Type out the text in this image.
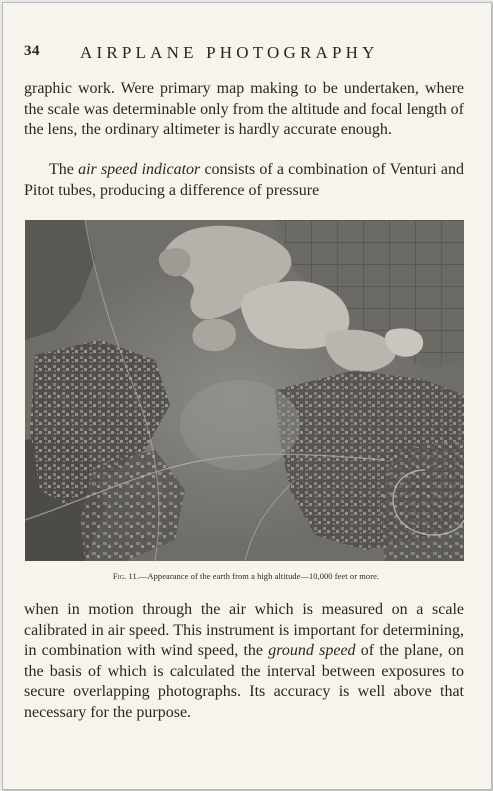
34 AIRPLANE PHOTOGRAPHY

graphic work. Were primary map making to be undertaken, where the scale was determinable only from the altitude and focal length of the lens, the ordinary altimeter is hardly accurate enough.

The air speed indicator consists of a combination of Venturi and Pitot tubes, producing a difference of pressure

Fig. 11.—Appearance of the earth from a high altitude—10,000 feet or more.

when in motion through the air which is measured on a scale calibrated in air speed. This instrument is important for determining, in combination with wind speed, the ground speed of the plane, on the basis of which is calculated the interval between exposures to secure overlapping photographs. Its accuracy is well above that necessary for the purpose.
